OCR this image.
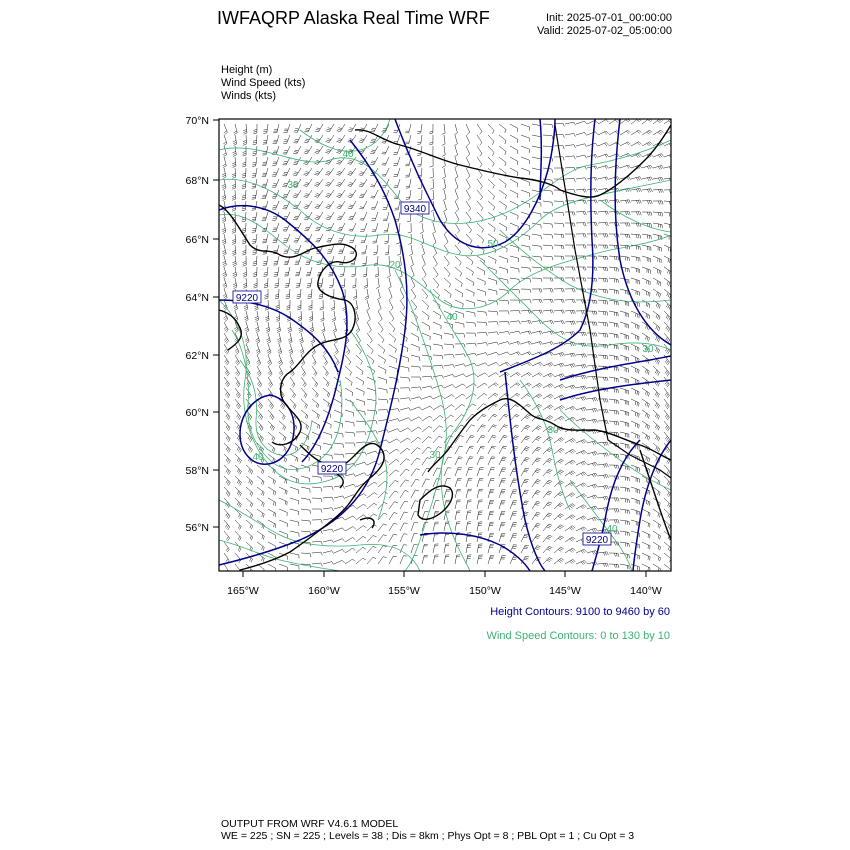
IWFAQRP Alaska Real Time WRF	Init: 2025-07-01_00:00:00
Valid: 2025-07-02_05:00:00
Height (m)
Wind Speed (kts)
Winds (kts)
70°N
68°N
66°N
64°N
62°N
60°N
58°N
56°N
165°W	160°W	155°W	150°W	145°W	140°W
9340
9220
9220
9220
40
30
20
50
40
30
40	30
30
40
Height Contours: 9100 to 9460 by 60
Wind Speed Contours: 0 to 130 by 10
OUTPUT FROM WRF V4.6.1 MODEL
WE = 225 ; SN = 225 ; Levels = 38 ; Dis = 8km ; Phys Opt = 8 ; PBL Opt = 1 ; Cu Opt = 3
